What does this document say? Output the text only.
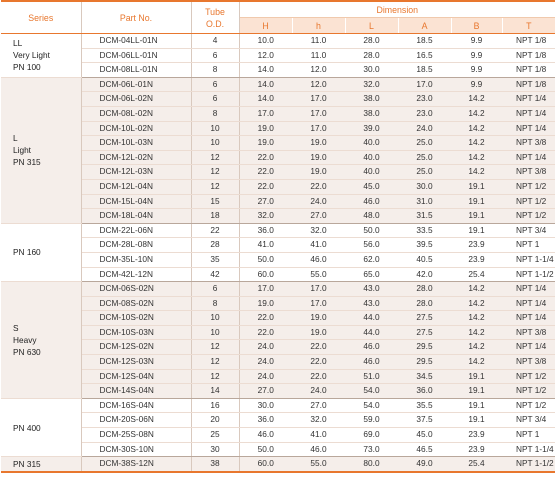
Series	Part No.	Tube
O.D.	Dimension					
			H	h	L	A	B	T

LL
Very Light
PN 100	DCM-04LL-01N	4	10.0	11.0	28.0	18.5	9.9	NPT 1/8
	DCM-06LL-01N	6	12.0	11.0	28.0	16.5	9.9	NPT 1/8
	DCM-08LL-01N	8	14.0	12.0	30.0	18.5	9.9	NPT 1/8

L
Light
PN 315	DCM-06L-01N	6	14.0	12.0	32.0	17.0	9.9	NPT 1/8
	DCM-06L-02N	6	14.0	17.0	38.0	23.0	14.2	NPT 1/4
	DCM-08L-02N	8	17.0	17.0	38.0	23.0	14.2	NPT 1/4
	DCM-10L-02N	10	19.0	17.0	39.0	24.0	14.2	NPT 1/4
	DCM-10L-03N	10	19.0	19.0	40.0	25.0	14.2	NPT 3/8
	DCM-12L-02N	12	22.0	19.0	40.0	25.0	14.2	NPT 1/4
	DCM-12L-03N	12	22.0	19.0	40.0	25.0	14.2	NPT 3/8
	DCM-12L-04N	12	22.0	22.0	45.0	30.0	19.1	NPT 1/2
	DCM-15L-04N	15	27.0	24.0	46.0	31.0	19.1	NPT 1/2
	DCM-18L-04N	18	32.0	27.0	48.0	31.5	19.1	NPT 1/2

PN 160	DCM-22L-06N	22	36.0	32.0	50.0	33.5	19.1	NPT 3/4
	DCM-28L-08N	28	41.0	41.0	56.0	39.5	23.9	NPT 1
	DCM-35L-10N	35	50.0	46.0	62.0	40.5	23.9	NPT 1-1/4
	DCM-42L-12N	42	60.0	55.0	65.0	42.0	25.4	NPT 1-1/2

S
Heavy
PN 630	DCM-06S-02N	6	17.0	17.0	43.0	28.0	14.2	NPT 1/4
	DCM-08S-02N	8	19.0	17.0	43.0	28.0	14.2	NPT 1/4
	DCM-10S-02N	10	22.0	19.0	44.0	27.5	14.2	NPT 1/4
	DCM-10S-03N	10	22.0	19.0	44.0	27.5	14.2	NPT 3/8
	DCM-12S-02N	12	24.0	22.0	46.0	29.5	14.2	NPT 1/4
	DCM-12S-03N	12	24.0	22.0	46.0	29.5	14.2	NPT 3/8
	DCM-12S-04N	12	24.0	22.0	51.0	34.5	19.1	NPT 1/2
	DCM-14S-04N	14	27.0	24.0	54.0	36.0	19.1	NPT 1/2

PN 400	DCM-16S-04N	16	30.0	27.0	54.0	35.5	19.1	NPT 1/2
	DCM-20S-06N	20	36.0	32.0	59.0	37.5	19.1	NPT 3/4
	DCM-25S-08N	25	46.0	41.0	69.0	45.0	23.9	NPT 1
	DCM-30S-10N	30	50.0	46.0	73.0	46.5	23.9	NPT 1-1/4

PN 315	DCM-38S-12N	38	60.0	55.0	80.0	49.0	25.4	NPT 1-1/2
